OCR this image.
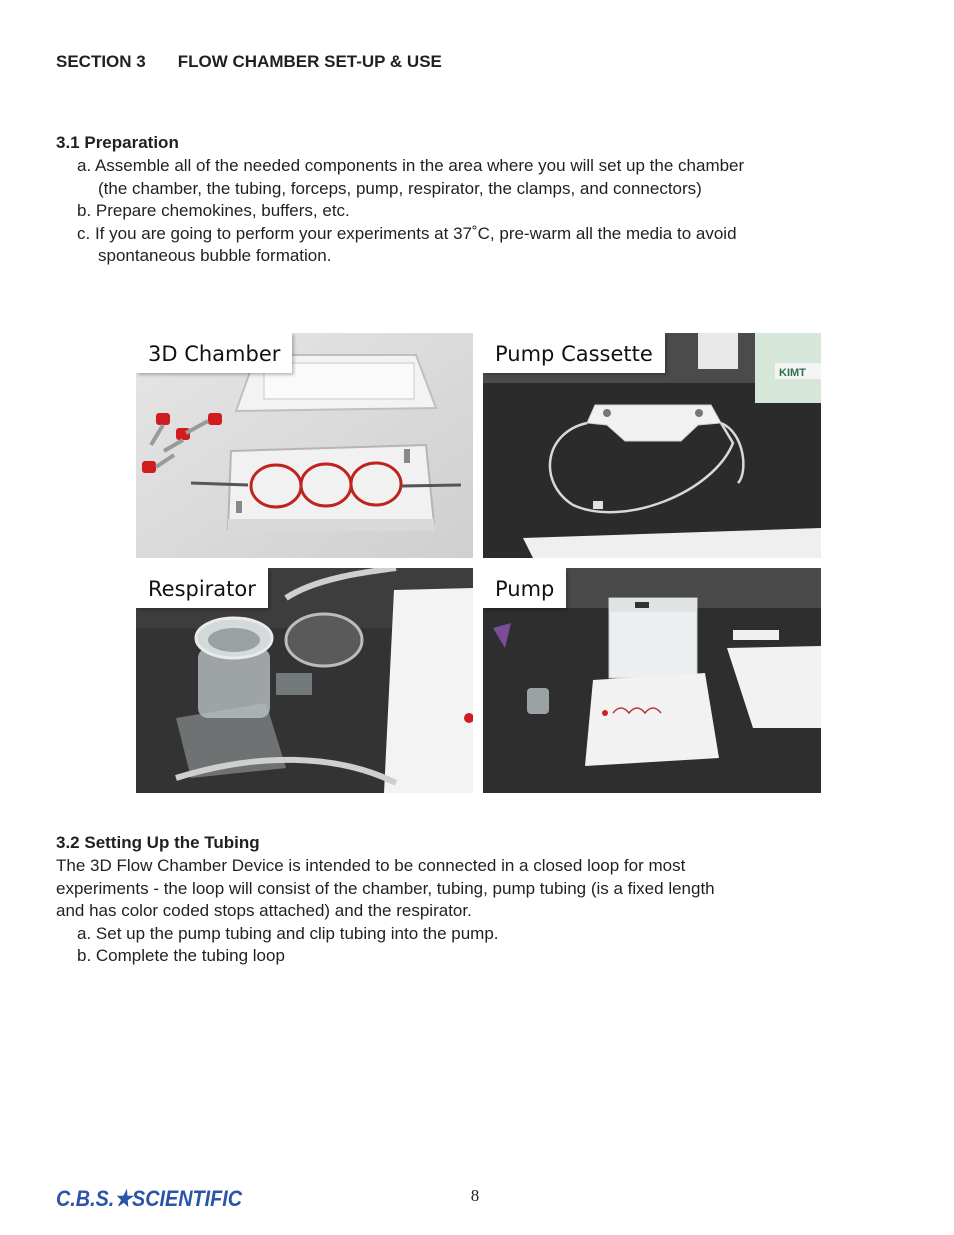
SECTION 3 FLOW CHAMBER SET-UP & USE
3.1 Preparation
a. Assemble all of the needed components in the area where you will set up the chamber
(the chamber, the tubing, forceps, pump, respirator, the clamps, and connectors)
b. Prepare chemokines, buffers, etc.
c. If you are going to perform your experiments at 37˚C, pre-warm all the media to avoid
spontaneous bubble formation.
3D Chamber	Pump Cassette
KIMT
Respirator	Pump
3.2 Setting Up the Tubing
The 3D Flow Chamber Device is intended to be connected in a closed loop for most
experiments - the loop will consist of the chamber, tubing, pump tubing (is a fixed length
and has color coded stops attached) and the respirator.
a. Set up the pump tubing and clip tubing into the pump.
b. Complete the tubing loop
C.B.S.★SCIENTIFIC	8
